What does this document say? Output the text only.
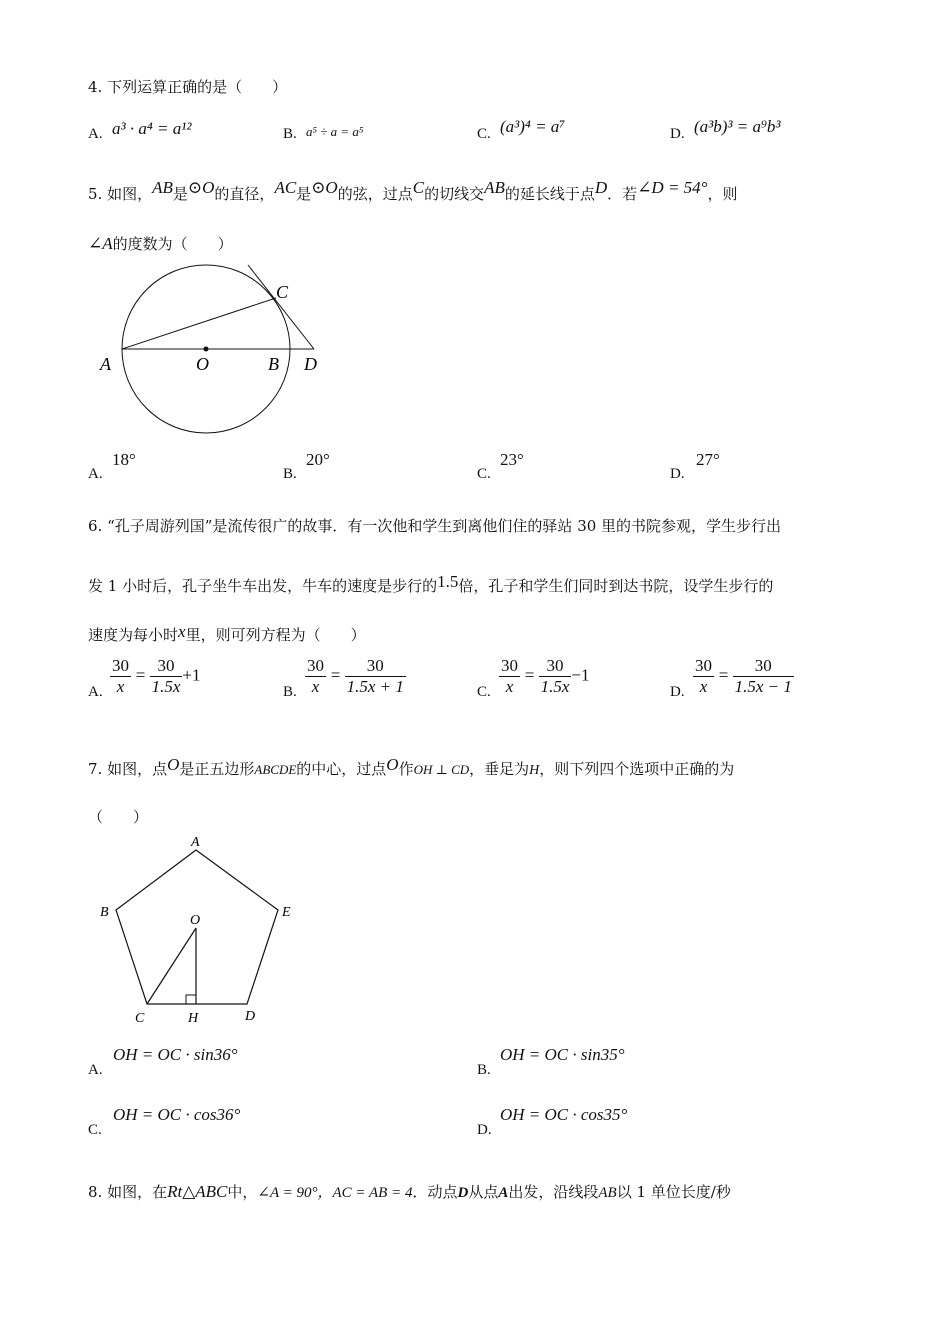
4. 下列运算正确的是（　　）
A. a³ · a⁴ = a¹²	B. a⁵ ÷ a = a⁵	C. (a³)⁴ = a⁷	D. (a³b)³ = a⁹b³
5. 如图，AB是⊙O的直径，AC是⊙O的弦，过点C的切线交AB的延长线于点D．若∠D = 54°，则
∠A的度数为（　　）
A	O	B
C
D
A.
18°
B.
20°
C.
23°
D.
27°
6. “孔子周游列国”是流传很广的故事．有一次他和学生到离他们住的驿站 30 里的书院参观，学生步行出
发 1 小时后，孔子坐牛车出发，牛车的速度是步行的1.5倍，孔子和学生们同时到达书院，设学生步行的
速度为每小时x里，则可列方程为（　　）
A. $\frac{30}{x} = \frac{30}{1.5x} +1$
B. $\frac{30}{x} = \frac{30}{1.5x + 1}$	C. $\frac{30}{x} = \frac{30}{1.5x} -1$
D. $\frac{30}{x} = \frac{30}{1.5x - 1}$
7. 如图，点O是正五边形ABCDE的中心，过点O作OH ⊥ CD，垂足为H，则下列四个选项中正确的为
（　　）
A
B
C	D
E
O
H
A.
OH = OC · sin36°
B.
OH = OC · sin35°
C.
OH = OC · cos36°
D.
OH = OC · cos35°
8. 如图，在Rt△ABC中，∠A = 90°，AC = AB = 4．动点D从点A出发，沿线段AB以 1 单位长度/秒
